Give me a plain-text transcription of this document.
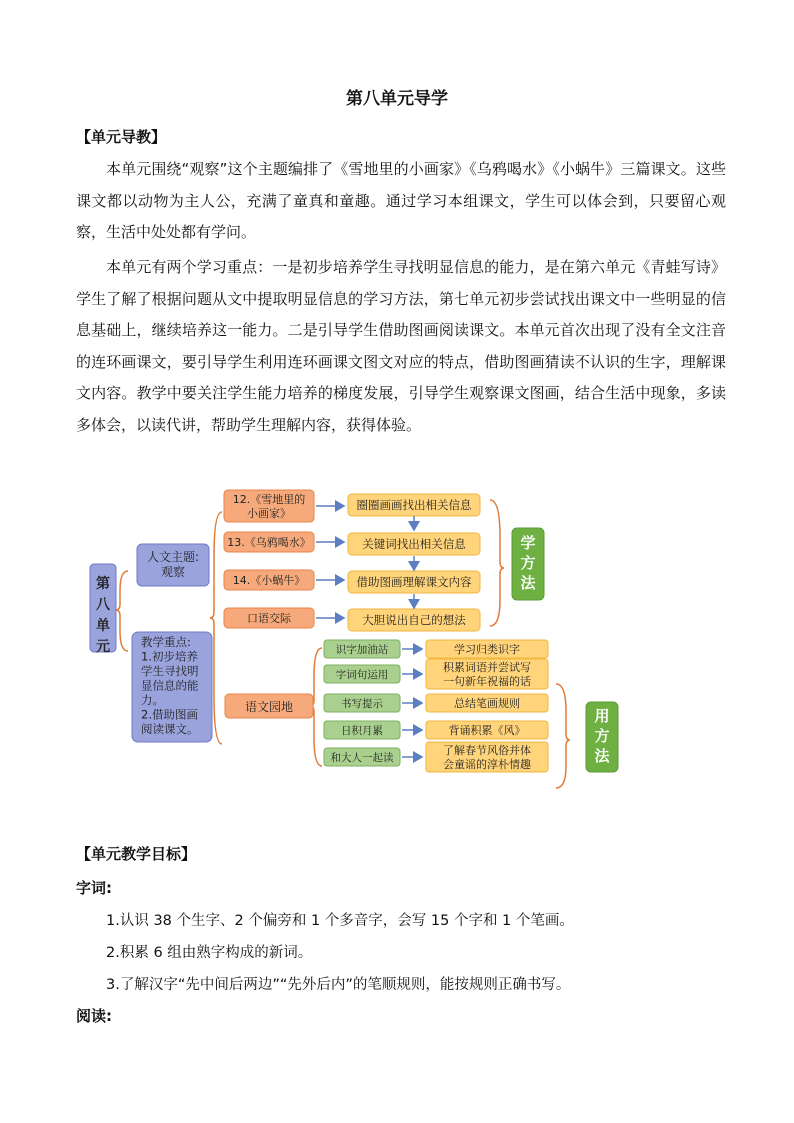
第八单元导学
【单元导教】
本单元围绕“观察”这个主题编排了《雪地里的小画家》《乌鸦喝水》《小蜗牛》三篇课文。这些课文都以动物为主人公，充满了童真和童趣。通过学习本组课文，学生可以体会到，只要留心观察，生活中处处都有学问。
本单元有两个学习重点：一是初步培养学生寻找明显信息的能力，是在第六单元《青蛙写诗》学生了解了根据问题从文中提取明显信息的学习方法，第七单元初步尝试找出课文中一些明显的信息基础上，继续培养这一能力。二是引导学生借助图画阅读课文。本单元首次出现了没有全文注音的连环画课文，要引导学生利用连环画课文图文对应的特点，借助图画猜读不认识的生字，理解课文内容。教学中要关注学生能力培养的梯度发展，引导学生观察课文图画，结合生活中现象，多读多体会，以读代讲，帮助学生理解内容，获得体验。
第八单元
人文主题:观察
教学重点: 1.初步培养学生寻找明显信息的能力。 2.借助图画阅读课文。
12.《雪地里的小画家》
圈圈画画找出相关信息
13.《乌鸦喝水》	关键词找出相关信息
14.《小蜗牛》	借助图画理解课文内容
口语交际	大胆说出自己的想法
学方法
语文园地
识字加油站	学习归类识字
字词句运用
积累词语并尝试写一句新年祝福的话
书写提示	总结笔画规则
日积月累	背诵积累《风》
和大人一起读
了解春节风俗并体会童谣的淳朴情趣
用方法
【单元教学目标】
字词:
1.认识 38 个生字、2 个偏旁和 1 个多音字，会写 15 个字和 1 个笔画。
2.积累 6 组由熟字构成的新词。
3.了解汉字“先中间后两边”“先外后内”的笔顺规则，能按规则正确书写。
阅读:
